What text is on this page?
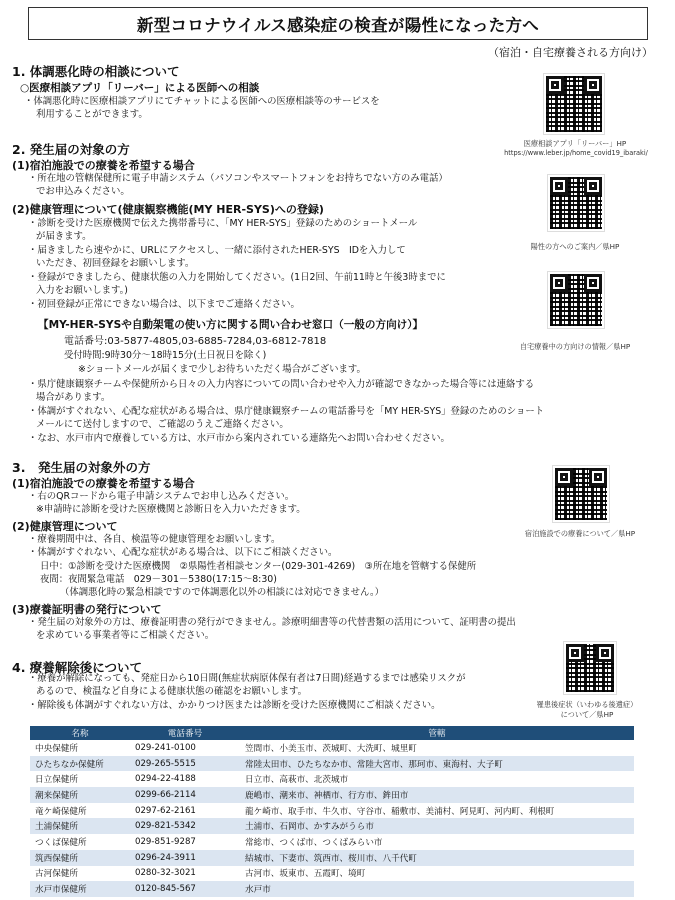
新型コロナウイルス感染症の検査が陽性になった方へ
（宿泊・自宅療養される方向け）
1. 体調悪化時の相談について
○医療相談アプリ「リーバー」による医師への相談
・体調悪化時に医療相談アプリにてチャットによる医師への医療相談等のサービスを
利用することができます。
医療相談アプリ「リーバー」HP
https://www.leber.jp/home_covid19_ibaraki/
2. 発生届の対象の方
(1)宿泊施設での療養を希望する場合
・所在地の管轄保健所に電子申請システム（パソコンやスマートフォンをお持ちでない方のみ電話）
でお申込みください。
(2)健康管理について(健康観察機能(MY HER-SYS)への登録)
・診断を受けた医療機関で伝えた携帯番号に、「MY HER-SYS」登録のためのショートメール
が届きます。
・届きましたら速やかに、URLにアクセスし、一緒に添付されたHER-SYS　IDを入力して
いただき、初回登録をお願いします。
・登録ができましたら、健康状態の入力を開始してください。(1日2回、午前11時と午後3時までに
入力をお願いします。)
・初回登録が正常にできない場合は、以下までご連絡ください。
【MY-HER-SYSや自動架電の使い方に関する問い合わせ窓口（一般の方向け）】
電話番号:03-5877-4805,03-6885-7284,03-6812-7818
受付時間:9時30分～18時15分(土日祝日を除く)
※ショートメールが届くまで少しお待ちいただく場合がございます。
・県庁健康観察チームや保健所から日々の入力内容についての問い合わせや入力が確認できなかった場合等には連絡する
場合があります。
・体調がすぐれない、心配な症状がある場合は、県庁健康観察チームの電話番号を「MY HER-SYS」登録のためのショート
メールにて送付しますので、ご確認のうえご連絡ください。
・なお、水戸市内で療養している方は、水戸市から案内されている連絡先へお問い合わせください。
陽性の方へのご案内／県HP
自宅療養中の方向けの情報／県HP
3.　発生届の対象外の方
(1)宿泊施設での療養を希望する場合
・右のQRコードから電子申請システムでお申し込みください。
※申請時に診断を受けた医療機関と診断日を入力いただきます。
(2)健康管理について
・療養期間中は、各自、検温等の健康管理をお願いします。
・体調がすぐれない、心配な症状がある場合は、以下にご相談ください。
日中：①診断を受けた医療機関　②県陽性者相談センター(029-301-4269)　③所在地を管轄する保健所
夜間：夜間緊急電話　029－301－5380(17:15～8:30)
（体調悪化時の緊急相談ですので体調悪化以外の相談には対応できません。）
(3)療養証明書の発行について
・発生届の対象外の方は、療養証明書の発行ができません。診療明細書等の代替書類の活用について、証明書の提出
を求めている事業者等にご相談ください。
宿泊施設での療養について／県HP
4. 療養解除後について
・療養が解除になっても、発症日から10日間(無症状病原体保有者は7日間)経過するまでは感染リスクが
あるので、検温など自身による健康状態の確認をお願いします。
・解除後も体調がすぐれない方は、かかりつけ医または診断を受けた医療機関にご相談ください。	罹患後症状（いわゆる後遺症）
について／県HP
名称	電話番号	管轄
中央保健所	029-241-0100	笠間市、小美玉市、茨城町、大洗町、城里町
ひたちなか保健所	029-265-5515	常陸太田市、ひたちなか市、常陸大宮市、那珂市、東海村、大子町
日立保健所	0294-22-4188	日立市、高萩市、北茨城市
潮来保健所	0299-66-2114	鹿嶋市、潮来市、神栖市、行方市、鉾田市
竜ケ崎保健所	0297-62-2161	龍ケ崎市、取手市、牛久市、守谷市、稲敷市、美浦村、阿見町、河内町、利根町
土浦保健所	029-821-5342	土浦市、石岡市、かすみがうら市
つくば保健所	029-851-9287	常総市、つくば市、つくばみらい市
筑西保健所	0296-24-3911	結城市、下妻市、筑西市、桜川市、八千代町
古河保健所	0280-32-3021	古河市、坂東市、五霞町、境町
水戸市保健所	0120-845-567	水戸市
